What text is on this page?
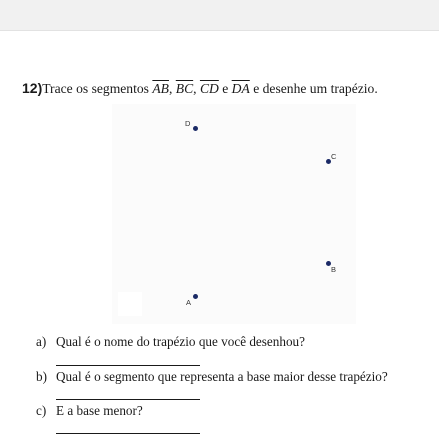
12)Trace os segmentos $\overline{AB}$, $\overline{BC}$, $\overline{CD}$ e $\overline{DA}$ e desenhe um trapézio.
D
C
B
A
a) Qual é o nome do trapézio que você desenhou?
b) Qual é o segmento que representa a base maior desse trapézio?
c) E a base menor?
